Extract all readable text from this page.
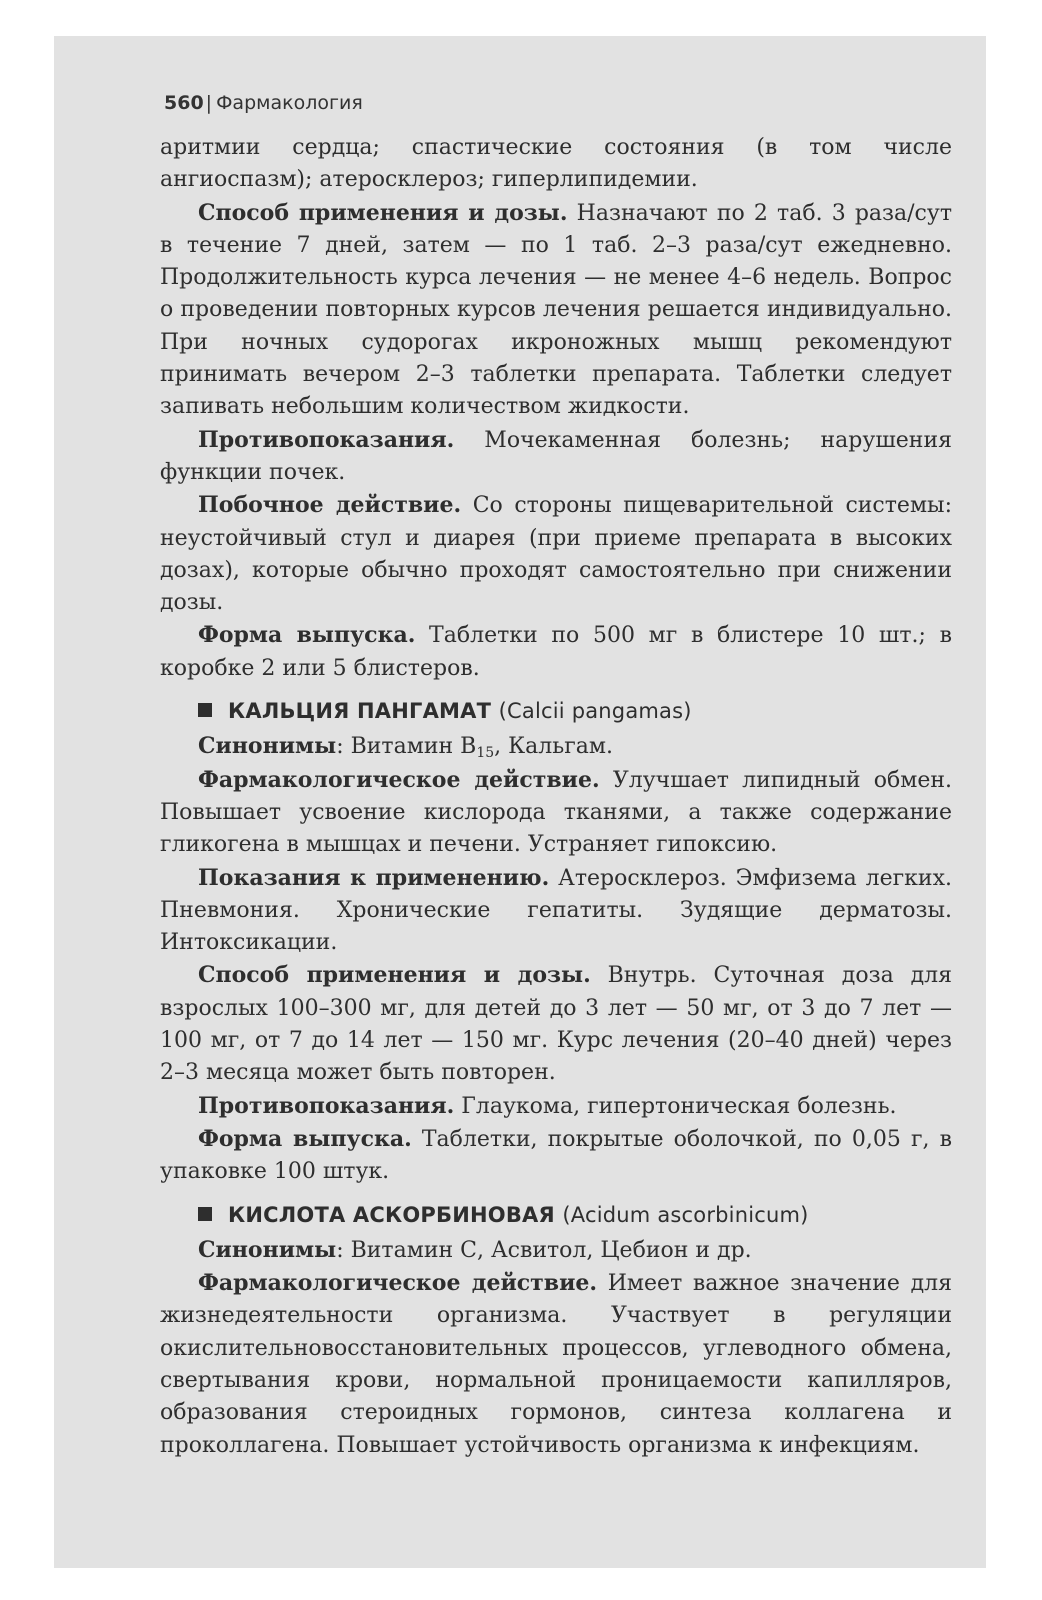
560 | Фармакология

аритмии сердца; спастические состояния (в том числе ангиоспазм); атеросклероз; гиперлипидемии.

Способ применения и дозы. Назначают по 2 таб. 3 раза/сут в течение 7 дней, затем — по 1 таб. 2–3 раза/сут ежедневно. Продолжительность курса лечения — не менее 4–6 недель. Вопрос о проведении повторных курсов лечения решается индивидуально. При ночных судорогах икроножных мышц рекомендуют принимать вечером 2–3 таблетки препарата. Таблетки следует запивать небольшим количеством жидкости.

Противопоказания. Мочекаменная болезнь; нарушения функции почек.

Побочное действие. Со стороны пищеварительной системы: неустойчивый стул и диарея (при приеме препарата в высоких дозах), которые обычно проходят самостоятельно при снижении дозы.

Форма выпуска. Таблетки по 500 мг в блистере 10 шт.; в коробке 2 или 5 блистеров.

КАЛЬЦИЯ ПАНГАМАТ (Calcii pangamas)

Синонимы: Витамин $В_{15}$, Кальгам.

Фармакологическое действие. Улучшает липидный обмен. Повышает усвоение кислорода тканями, а также содержание гликогена в мышцах и печени. Устраняет гипоксию.

Показания к применению. Атеросклероз. Эмфизема легких. Пневмония. Хронические гепатиты. Зудящие дерматозы. Интоксикации.

Способ применения и дозы. Внутрь. Суточная доза для взрослых 100–300 мг, для детей до 3 лет — 50 мг, от 3 до 7 лет — 100 мг, от 7 до 14 лет — 150 мг. Курс лечения (20–40 дней) через 2–3 месяца может быть повторен.

Противопоказания. Глаукома, гипертоническая болезнь.

Форма выпуска. Таблетки, покрытые оболочкой, по 0,05 г, в упаковке 100 штук.

КИСЛОТА АСКОРБИНОВАЯ (Acidum ascorbinicum)

Синонимы: Витамин С, Асвитол, Цебион и др.

Фармакологическое действие. Имеет важное значение для жизнедеятельности организма. Участвует в регуляции окислительновосстановительных процессов, углеводного обмена, свертывания крови, нормальной проницаемости капилляров, образования стероидных гормонов, синтеза коллагена и проколлагена. Повышает устойчивость организма к инфекциям.
